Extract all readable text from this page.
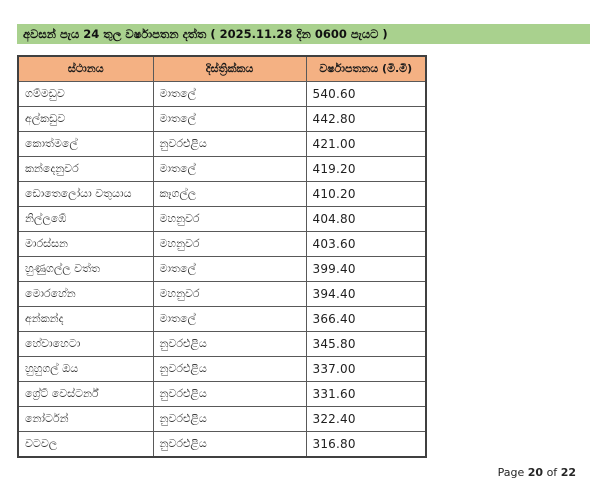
අවසන් පැය 24 තුල වර්ෂාපතන දත්ත ( 2025.11.28 දින 0600 පැයට )
ස්ථානය	දිස්ත්‍රික්කය	වර්ෂාපතනය (මි.මී)
ගම්මඩුව	මාතලේ	540.60
අල්කඩුව	මාතලේ	442.80
කොත්මලේ	නුවරඑළිය	421.00
කන්දෙනුවර	මාතලේ	419.20
ඩොතෙලෝයා වතුයාය	කෑගල්ල	410.20
නිල්ලඹේ	මහනුවර	404.80
මාරස්සන	මහනුවර	403.60
හුණුගල්ල වත්ත	මාතලේ	399.40
මොරහේන	මහනුවර	394.40
අන්කන්ද	මාතලේ	366.40
හේවාහෙටා	නුවරඑළිය	345.80
හුහුගල් ඔය	නුවරඑළිය	337.00
ග්‍රේට් වෙස්ටර්න්	නුවරඑළිය	331.60
නෝර්ටන්	නුවරඑළිය	322.40
වටවල	නුවරඑළිය	316.80
Page 20 of 22
